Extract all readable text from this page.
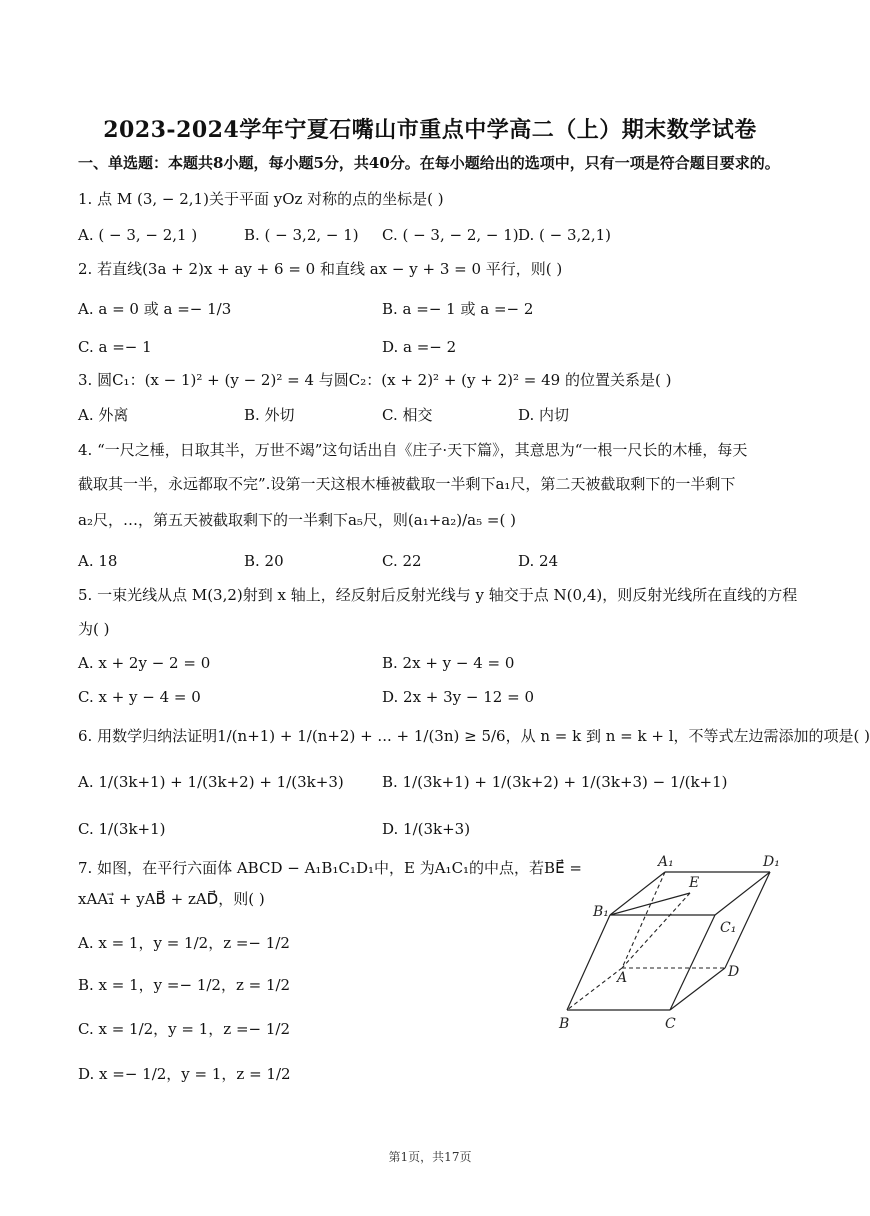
2023-2024学年宁夏石嘴山市重点中学高二（上）期末数学试卷
一、单选题：本题共8小题，每小题5分，共40分。在每小题给出的选项中，只有一项是符合题目要求的。
1. 点 M (3, − 2,1)关于平面 yOz 对称的点的坐标是( )
A. ( − 3, − 2,1 )	B. ( − 3,2, − 1) C. ( − 3, − 2, − 1) D. ( − 3,2,1)
2. 若直线(3a + 2)x + ay + 6 = 0 和直线 ax − y + 3 = 0 平行，则( )
A. a = 0 或 a =− 1/3	B. a =− 1 或 a =− 2
C. a =− 1	D. a =− 2
3. 圆C₁：(x − 1)² + (y − 2)² = 4 与圆C₂：(x + 2)² + (y + 2)² = 49 的位置关系是( )
A. 外离	B. 外切	C. 相交	D. 内切
4. “一尺之棰，日取其半，万世不竭”这句话出自《庄子·天下篇》，其意思为“一根一尺长的木棰，每天
截取其一半，永远都取不完”.设第一天这根木棰被截取一半剩下a₁尺，第二天被截取剩下的一半剩下
a₂尺，…，第五天被截取剩下的一半剩下a₅尺，则(a₁+a₂)/a₅ =( )
A. 18	B. 20	C. 22	D. 24
5. 一束光线从点 M(3,2)射到 x 轴上，经反射后反射光线与 y 轴交于点 N(0,4)，则反射光线所在直线的方程
为( )
A. x + 2y − 2 = 0	B. 2x + y − 4 = 0
C. x + y − 4 = 0	D. 2x + 3y − 12 = 0
6. 用数学归纳法证明1/(n+1) + 1/(n+2) + ... + 1/(3n) ≥ 5/6，从 n = k 到 n = k + l，不等式左边需添加的项是( )
A. 1/(3k+1) + 1/(3k+2) + 1/(3k+3)	B. 1/(3k+1) + 1/(3k+2) + 1/(3k+3) − 1/(k+1)
C. 1/(3k+1)	D. 1/(3k+3)
7. 如图，在平行六面体 ABCD − A₁B₁C₁D₁中，E 为A₁C₁的中点，若BE⃗ =
xAA₁⃗ + yAB⃗ + zAD⃗，则( )
A. x = 1，y = 1/2，z =− 1/2
B. x = 1，y =− 1/2，z = 1/2
C. x = 1/2，y = 1，z =− 1/2
D. x =− 1/2，y = 1，z = 1/2
A₁	D₁
E
B₁
C₁
A	D
B	C
第1页，共17页
